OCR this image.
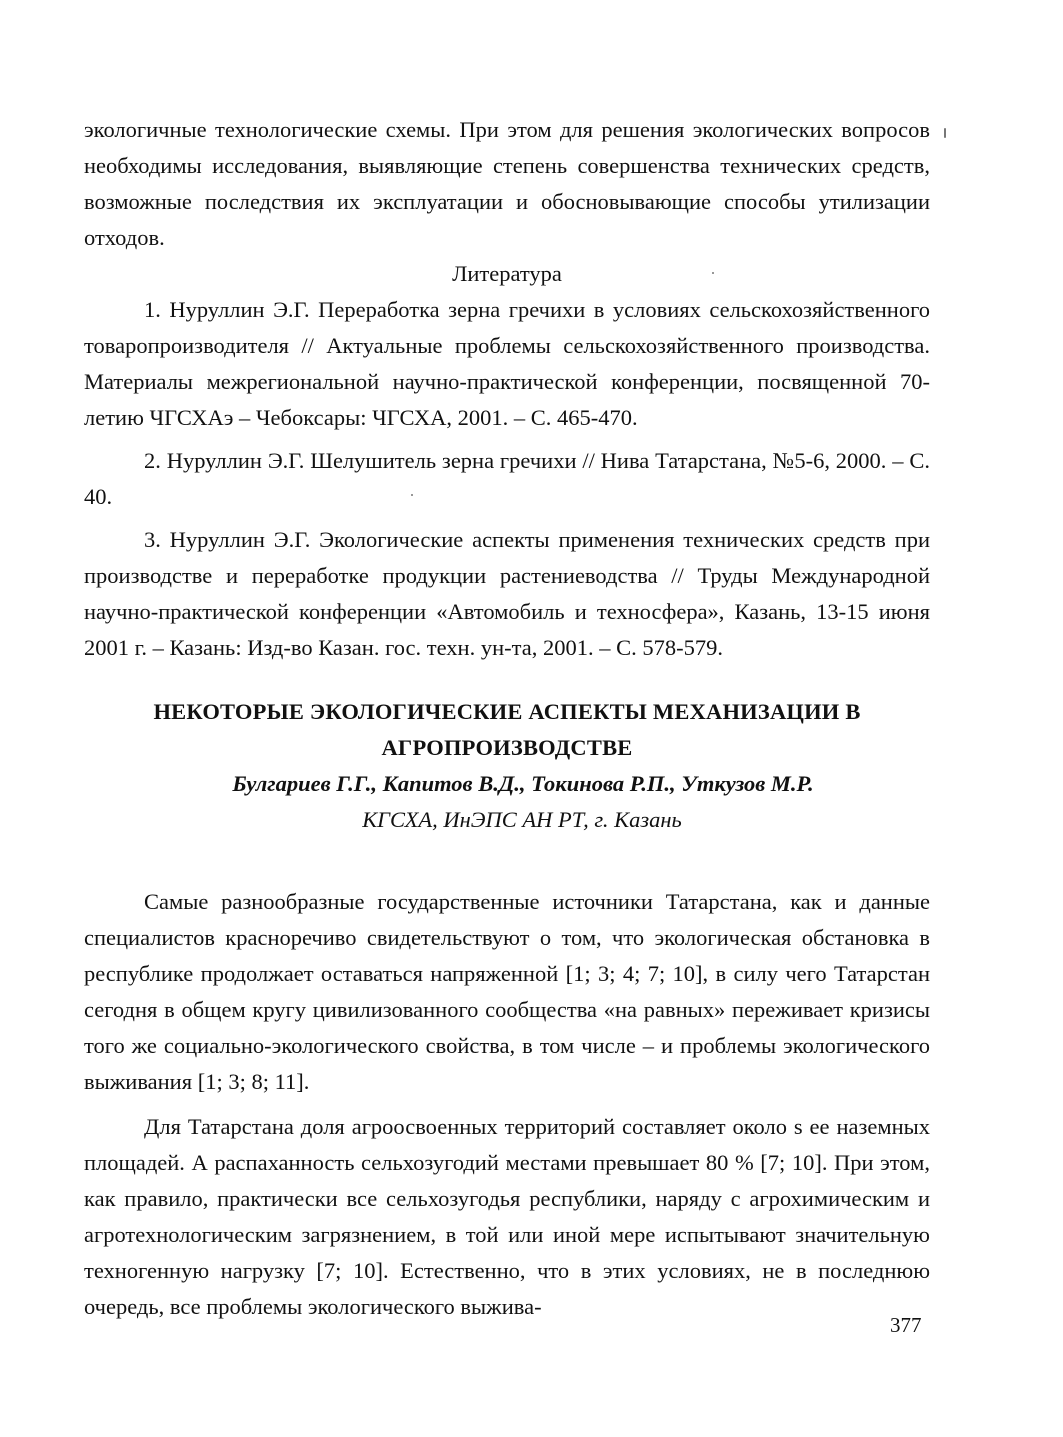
экологичные технологические схемы. При этом для решения экологических вопросов необходимы исследования, выявляющие степень совершенства технических средств, возможные последствия их эксплуатации и обосновывающие способы утилизации отходов.

Литература

1. Нуруллин Э.Г. Переработка зерна гречихи в условиях сельскохозяйственного товаропроизводителя // Актуальные проблемы сельскохозяйственного производства. Материалы межрегиональной научно-практической конференции, посвященной 70-летию ЧГСХАэ – Чебоксары: ЧГСХА, 2001. – С. 465-470.

2. Нуруллин Э.Г. Шелушитель зерна гречихи // Нива Татарстана, №5-6, 2000. – С. 40.

3. Нуруллин Э.Г. Экологические аспекты применения технических средств при производстве и переработке продукции растениеводства // Труды Международной научно-практической конференции «Автомобиль и техносфера», Казань, 13-15 июня 2001 г. – Казань: Изд-во Казан. гос. техн. ун-та, 2001. – С. 578-579.

НЕКОТОРЫЕ ЭКОЛОГИЧЕСКИЕ АСПЕКТЫ МЕХАНИЗАЦИИ В
АГРОПРОИЗВОДСТВЕ
Булгариев Г.Г., Капитов В.Д., Токинова Р.П., Уткузов М.Р.
КГСХА, ИнЭПС АН РТ, г. Казань

Самые разнообразные государственные источники Татарстана, как и данные специалистов красноречиво свидетельствуют о том, что экологическая обстановка в республике продолжает оставаться напряженной [1; 3; 4; 7; 10], в силу чего Татарстан сегодня в общем кругу цивилизованного сообщества «на равных» переживает кризисы того же социально-экологического свойства, в том числе – и проблемы экологического выживания [1; 3; 8; 11].

Для Татарстана доля агроосвоенных территорий составляет около s ее наземных площадей. А распаханность сельхозугодий местами превышает 80 % [7; 10]. При этом, как правило, практически все сельхозугодья республики, наряду с агрохимическим и агротехнологическим загрязнением, в той или иной мере испытывают значительную техногенную нагрузку [7; 10]. Естественно, что в этих условиях, не в последнюю очередь, все проблемы экологического выжива-

377
